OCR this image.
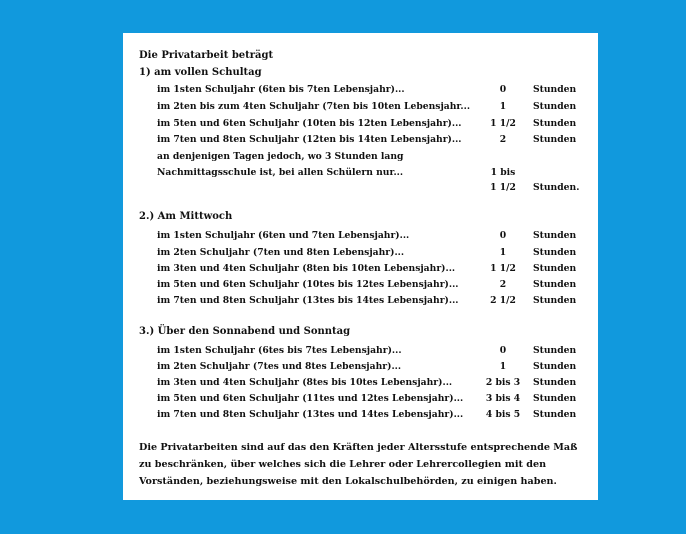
Die Privatarbeit beträgt
1) am vollen Schultag
im 1sten Schuljahr (6ten bis 7ten Lebensjahr)...	0	Stunden
im 2ten bis zum 4ten Schuljahr (7ten bis 10ten Lebensjahr...	1	Stunden
im 5ten und 6ten Schuljahr (10ten bis 12ten Lebensjahr)...	1 1/2	Stunden
im 7ten und 8ten Schuljahr (12ten bis 14ten Lebensjahr)...	2	Stunden
an denjenigen Tagen jedoch, wo 3 Stunden lang
Nachmittagsschule ist, bei allen Schülern nur...	1 bis
1 1/2	Stunden.
2.) Am Mittwoch
im 1sten Schuljahr (6ten und 7ten Lebensjahr)...	0	Stunden
im 2ten Schuljahr (7ten und 8ten Lebensjahr)...	1	Stunden
im 3ten und 4ten Schuljahr (8ten bis 10ten Lebensjahr)...	1 1/2	Stunden
im 5ten und 6ten Schuljahr (10tes bis 12tes Lebensjahr)...	2	Stunden
im 7ten und 8ten Schuljahr (13tes bis 14tes Lebensjahr)...	2 1/2	Stunden
3.) Über den Sonnabend und Sonntag
im 1sten Schuljahr (6tes bis 7tes Lebensjahr)...	0	Stunden
im 2ten Schuljahr (7tes und 8tes Lebensjahr)...	1	Stunden
im 3ten und 4ten Schuljahr (8tes bis 10tes Lebensjahr)...	2 bis 3 Stunden
im 5ten und 6ten Schuljahr (11tes und 12tes Lebensjahr)... 3 bis 4 Stunden
im 7ten und 8ten Schuljahr (13tes und 14tes Lebensjahr)... 4 bis 5 Stunden
Die Privatarbeiten sind auf das den Kräften jeder Altersstufe entsprechende Maß zu beschränken, über welches sich die Lehrer oder Lehrercollegien mit den Vorständen, beziehungsweise mit den Lokalschulbehörden, zu einigen haben.
